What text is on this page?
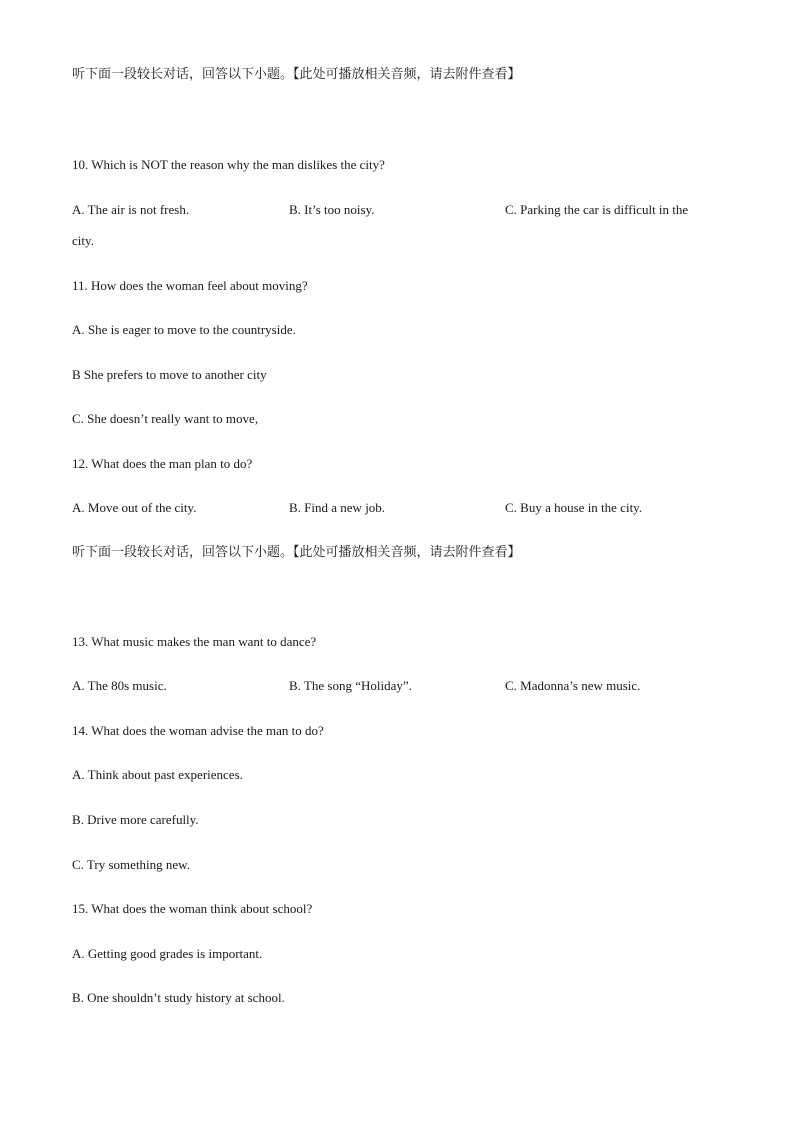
听下面一段较长对话，回答以下小题。【此处可播放相关音频，请去附件查看】
10. Which is NOT the reason why the man dislikes the city?
A. The air is not fresh.	B. It’s too noisy.	C. Parking the car is difficult in the
city.
11. How does the woman feel about moving?
A. She is eager to move to the countryside.
B She prefers to move to another city
C. She doesn’t really want to move,
12. What does the man plan to do?
A. Move out of the city.	B. Find a new job.	C. Buy a house in the city.
听下面一段较长对话，回答以下小题。【此处可播放相关音频，请去附件查看】
13. What music makes the man want to dance?
A. The 80s music.	B. The song “Holiday”.	C. Madonna’s new music.
14. What does the woman advise the man to do?
A. Think about past experiences.
B. Drive more carefully.
C. Try something new.
15. What does the woman think about school?
A. Getting good grades is important.
B. One shouldn’t study history at school.
